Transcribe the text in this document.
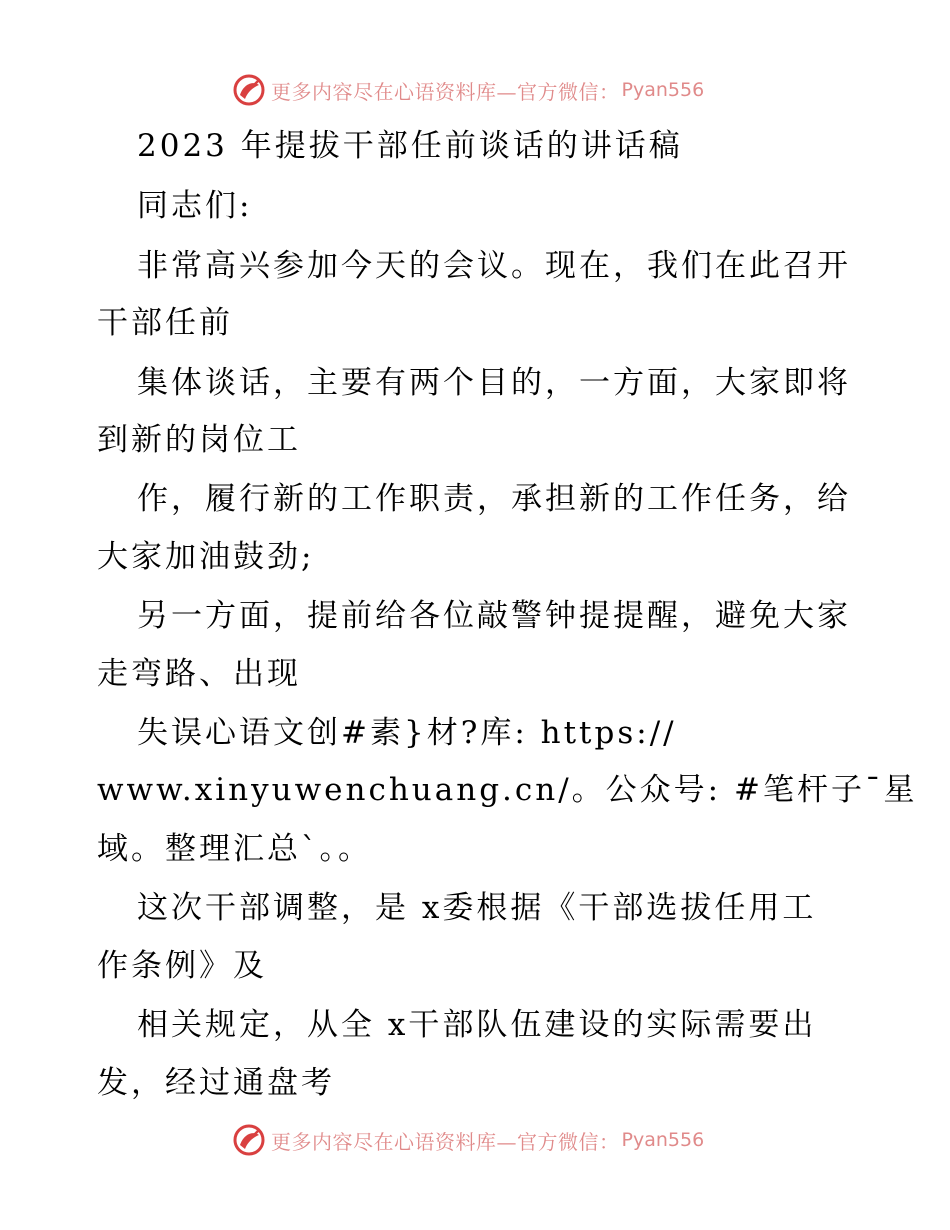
更多内容尽在心语资料库—官方微信： Pyan556
2023 年提拔干部任前谈话的讲话稿
同志们:
非常高兴参加今天的会议。现在，我们在此召开
干部任前
集体谈话，主要有两个目的，一方面，大家即将
到新的岗位工
作，履行新的工作职责，承担新的工作任务，给
大家加油鼓劲;
另一方面，提前给各位敲警钟提提醒，避免大家
走弯路、出现
失误心语文创#素}材?库: https://
www.xinyuwenchuang.cn/。公众号: #笔杆子¯星
域。整理汇总`。。
这次干部调整，是 x委根据《干部选拔任用工
作条例》及
相关规定，从全 x干部队伍建设的实际需要出
发，经过通盘考
更多内容尽在心语资料库—官方微信： Pyan556
